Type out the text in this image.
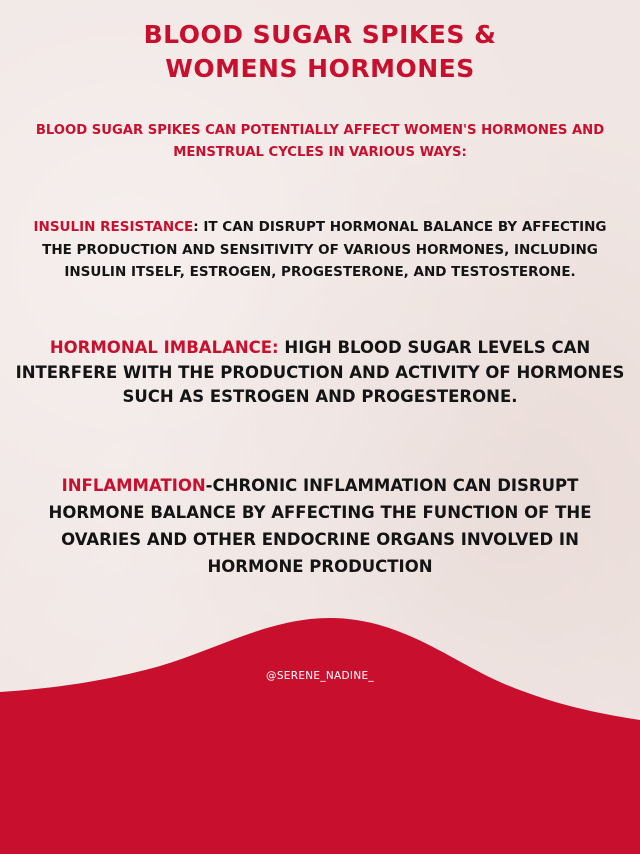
BLOOD SUGAR SPIKES &
WOMENS HORMONES
BLOOD SUGAR SPIKES CAN POTENTIALLY AFFECT WOMEN'S HORMONES AND
MENSTRUAL CYCLES IN VARIOUS WAYS:
INSULIN RESISTANCE: IT CAN DISRUPT HORMONAL BALANCE BY AFFECTING
THE PRODUCTION AND SENSITIVITY OF VARIOUS HORMONES, INCLUDING
INSULIN ITSELF, ESTROGEN, PROGESTERONE, AND TESTOSTERONE.
HORMONAL IMBALANCE: HIGH BLOOD SUGAR LEVELS CAN
INTERFERE WITH THE PRODUCTION AND ACTIVITY OF HORMONES
SUCH AS ESTROGEN AND PROGESTERONE.
INFLAMMATION-CHRONIC INFLAMMATION CAN DISRUPT
HORMONE BALANCE BY AFFECTING THE FUNCTION OF THE
OVARIES AND OTHER ENDOCRINE ORGANS INVOLVED IN
HORMONE PRODUCTION
@SERENE_NADINE_
